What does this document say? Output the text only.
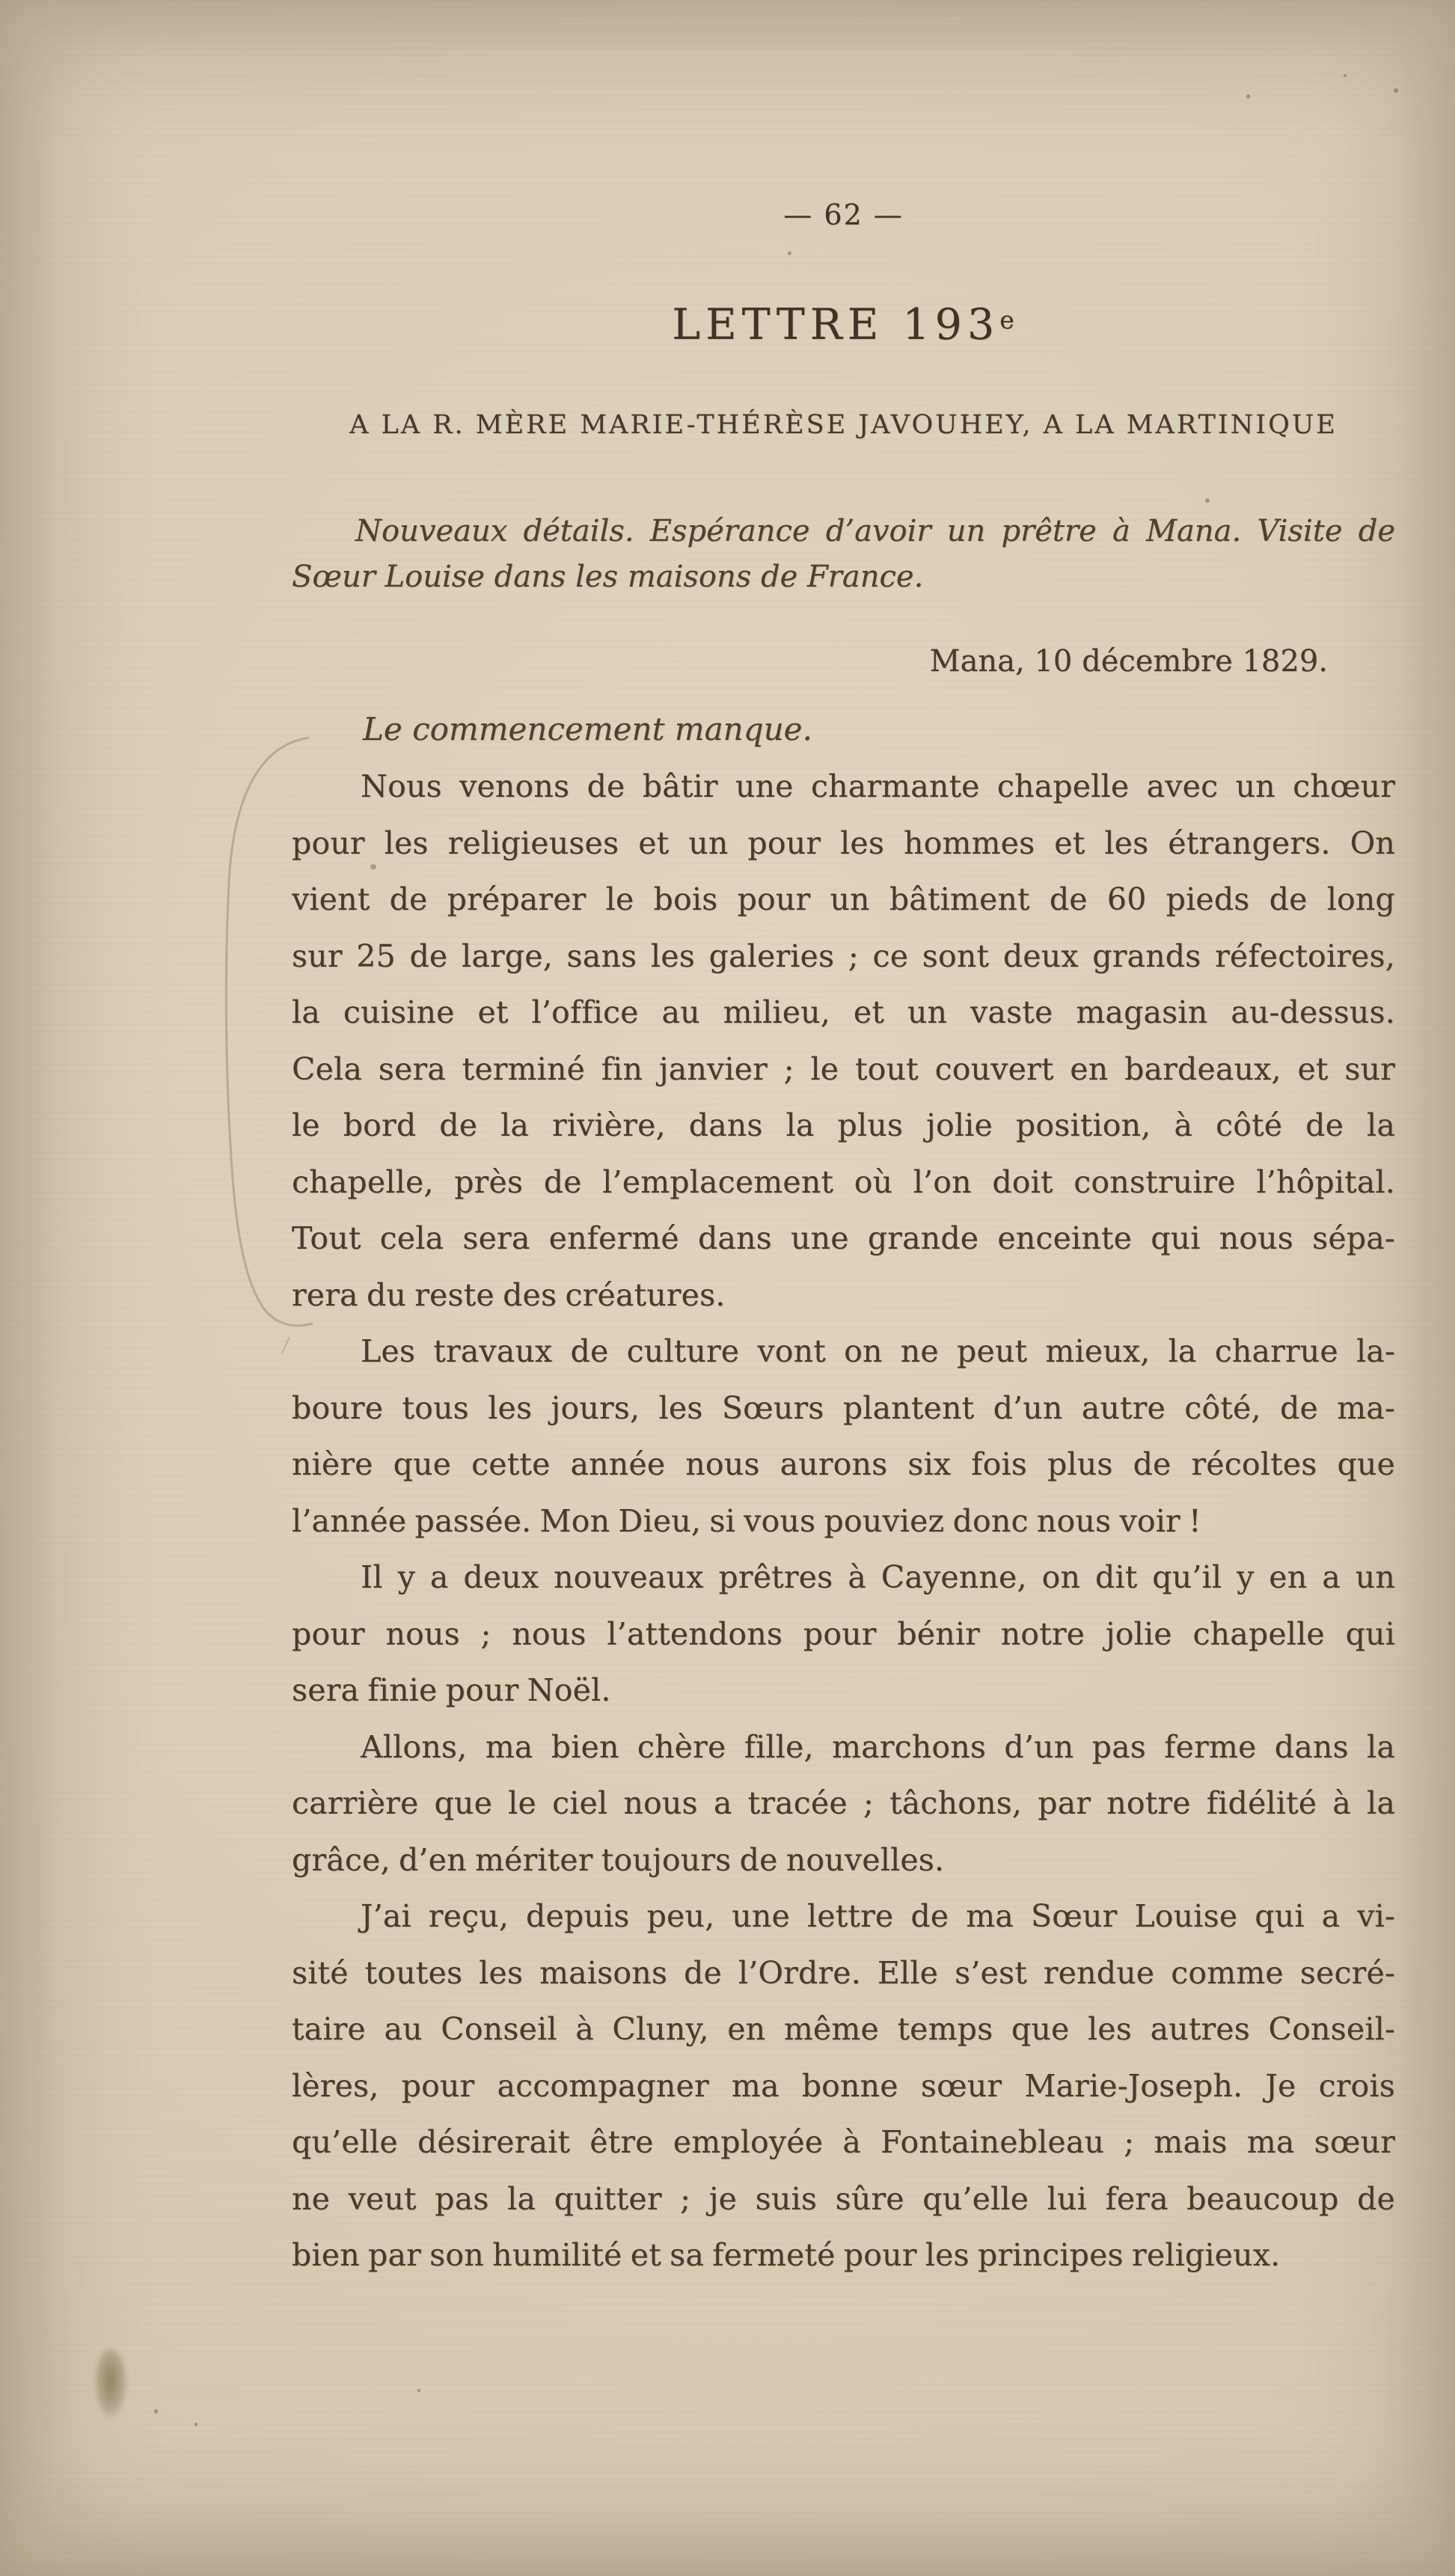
— 62 —
LETTRE 193e
A LA R. MÈRE MARIE-THÉRÈSE JAVOUHEY, A LA MARTINIQUE
Nouveaux détails. Espérance d’avoir un prêtre à Mana. Visite de
Sœur Louise dans les maisons de France.
Mana, 10 décembre 1829.
Le commencement manque.
Nous venons de bâtir une charmante chapelle avec un chœur
pour les religieuses et un pour les hommes et les étrangers. On
vient de préparer le bois pour un bâtiment de 60 pieds de long
sur 25 de large, sans les galeries ; ce sont deux grands réfectoires,
la cuisine et l’office au milieu, et un vaste magasin au-dessus.
Cela sera terminé fin janvier ; le tout couvert en bardeaux, et sur
le bord de la rivière, dans la plus jolie position, à côté de la
chapelle, près de l’emplacement où l’on doit construire l’hôpital.
Tout cela sera enfermé dans une grande enceinte qui nous sépa-
rera du reste des créatures.
Les travaux de culture vont on ne peut mieux, la charrue la-
boure tous les jours, les Sœurs plantent d’un autre côté, de ma-
nière que cette année nous aurons six fois plus de récoltes que
l’année passée. Mon Dieu, si vous pouviez donc nous voir !
Il y a deux nouveaux prêtres à Cayenne, on dit qu’il y en a un
pour nous ; nous l’attendons pour bénir notre jolie chapelle qui
sera finie pour Noël.
Allons, ma bien chère fille, marchons d’un pas ferme dans la
carrière que le ciel nous a tracée ; tâchons, par notre fidélité à la
grâce, d’en mériter toujours de nouvelles.
J’ai reçu, depuis peu, une lettre de ma Sœur Louise qui a vi-
sité toutes les maisons de l’Ordre. Elle s’est rendue comme secré-
taire au Conseil à Cluny, en même temps que les autres Conseil-
lères, pour accompagner ma bonne sœur Marie-Joseph. Je crois
qu’elle désirerait être employée à Fontainebleau ; mais ma sœur
ne veut pas la quitter ; je suis sûre qu’elle lui fera beaucoup de
bien par son humilité et sa fermeté pour les principes religieux.
